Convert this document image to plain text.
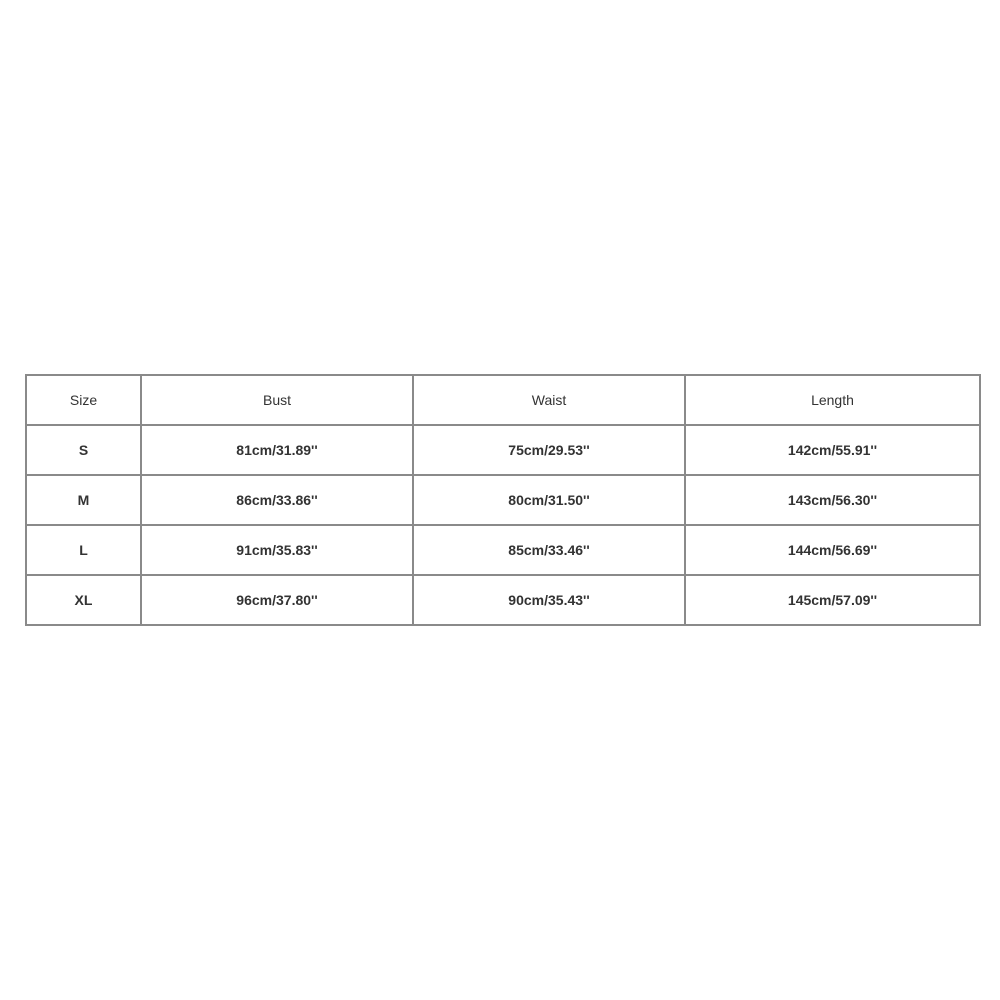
Size	Bust	Waist	Length
S	81cm/31.89''	75cm/29.53''	142cm/55.91''
M	86cm/33.86''	80cm/31.50''	143cm/56.30''
L	91cm/35.83''	85cm/33.46''	144cm/56.69''
XL	96cm/37.80''	90cm/35.43''	145cm/57.09''
